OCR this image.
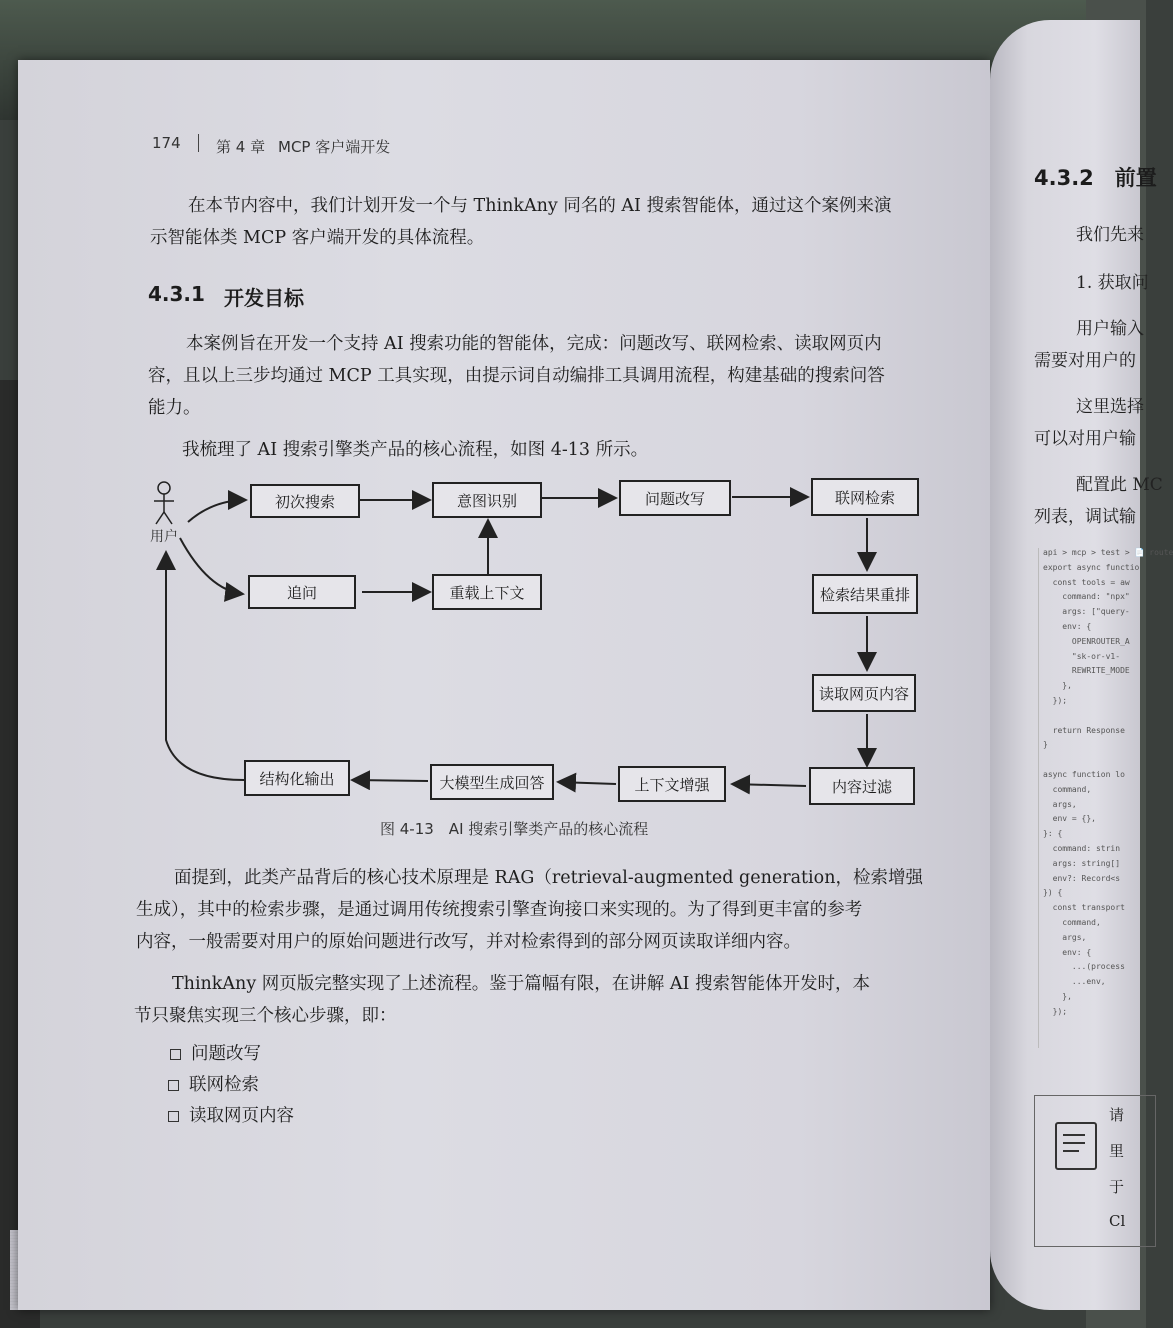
174 第 4 章 MCP 客户端开发
在本节内容中，我们计划开发一个与 ThinkAny 同名的 AI 搜索智能体，通过这个案例来演
示智能体类 MCP 客户端开发的具体流程。
4.3.1 开发目标
本案例旨在开发一个支持 AI 搜索功能的智能体，完成：问题改写、联网检索、读取网页内
容，且以上三步均通过 MCP 工具实现，由提示词自动编排工具调用流程，构建基础的搜索问答
能力。
我梳理了 AI 搜索引擎类产品的核心流程，如图 4-13 所示。
用户
初次搜索	意图识别	问题改写	联网检索
追问	重载上下文	检索结果重排
读取网页内容
内容过滤
上下文增强
大模型生成回答
结构化输出
图 4-13　AI 搜索引擎类产品的核心流程
面提到，此类产品背后的核心技术原理是 RAG（retrieval-augmented generation，检索增强
生成），其中的检索步骤，是通过调用传统搜索引擎查询接口来实现的。为了得到更丰富的参考
内容，一般需要对用户的原始问题进行改写，并对检索得到的部分网页读取详细内容。
ThinkAny 网页版完整实现了上述流程。鉴于篇幅有限，在讲解 AI 搜索智能体开发时，本
节只聚焦实现三个核心步骤，即：
问题改写
联网检索
读取网页内容
4.3.2　前置
我们先来
1. 获取问
用户输入
需要对用户的
这里选择
可以对用户输
配置此 MC
列表，调试输
api > mcp > test > 📄 route
export async functio
const tools = aw
command: "npx"
args: ["query-
env: {
OPENROUTER_A
"sk-or-v1-
REWRITE_MODE
},
});
return Response
}
async function lo
command,
args,
env = {},
}: {
command: strin
args: string[]
env?: Record<s
}) {
const transport
command,
args,
env: {
...(process
...env,
},
});
请
里
于
Cl
